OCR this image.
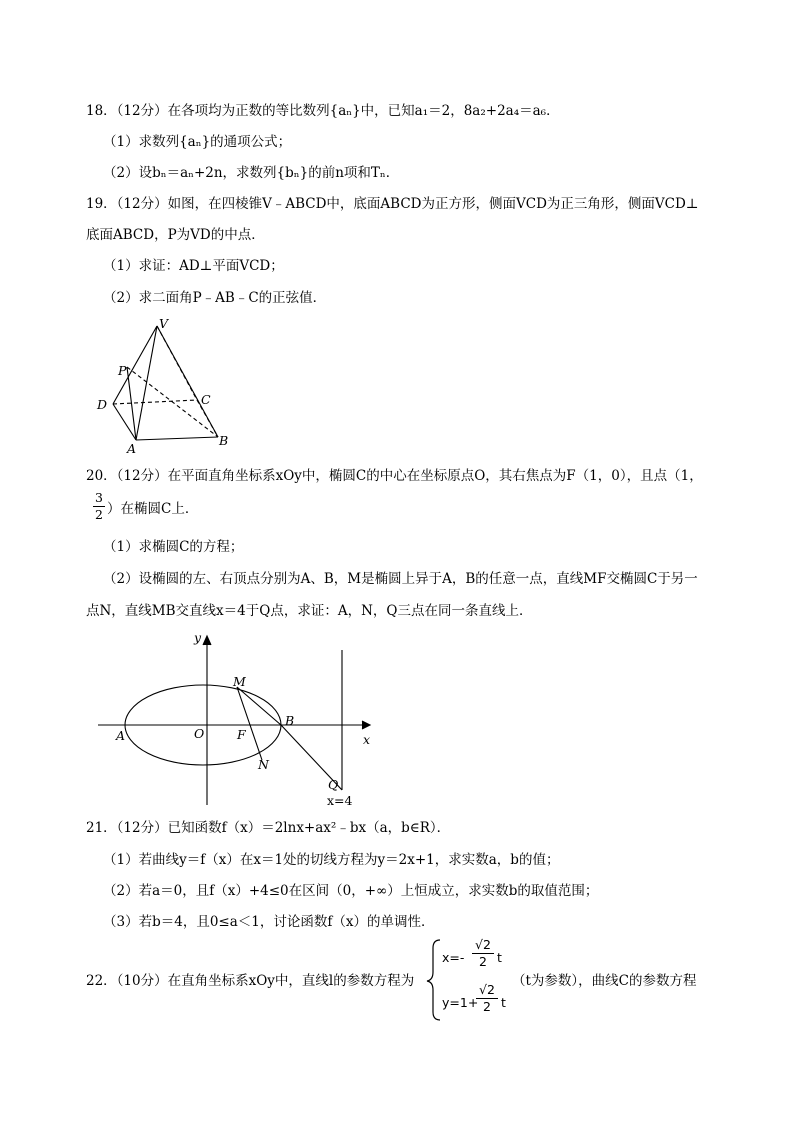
18．（12分）在各项均为正数的等比数列{aₙ}中，已知a₁＝2，8a₂+2a₄＝a₆．
（1）求数列{aₙ}的通项公式；
（2）设bₙ＝aₙ+2n，求数列{bₙ}的前n项和Tₙ．
19．（12分）如图，在四棱锥V﹣ABCD中，底面ABCD为正方形，侧面VCD为正三角形，侧面VCD⊥
底面ABCD，P为VD的中点．
（1）求证：AD⊥平面VCD；
（2）求二面角P﹣AB﹣C的正弦值．
V
P
D	C
A
B
20．（12分）在平面直角坐标系xOy中，椭圆C的中心在坐标原点O，其右焦点为F（1，0），且点（1，
3
2 ）在椭圆C上．
（1）求椭圆C的方程；
（2）设椭圆的左、右顶点分别为A、B，M是椭圆上异于A，B的任意一点，直线MF交椭圆C于另一
点N，直线MB交直线x＝4于Q点，求证：A，N，Q三点在同一条直线上．
y
x
M
B
A	O	F
N
Q
x=4
21．（12分）已知函数f（x）＝2lnx+ax²﹣bx（a，b∈R）．
（1）若曲线y＝f（x）在x＝1处的切线方程为y＝2x+1，求实数a，b的值；
（2）若a＝0，且f（x）+4≤0在区间（0，+∞）上恒成立，求实数b的取值范围；
（3）若b＝4，且0≤a＜1，讨论函数f（x）的单调性．
22．（10分）在直角坐标系xOy中，直线l的参数方程为
x=-
√2
2 t
y=1+
√2
2 t
（t为参数），曲线C的参数方程
